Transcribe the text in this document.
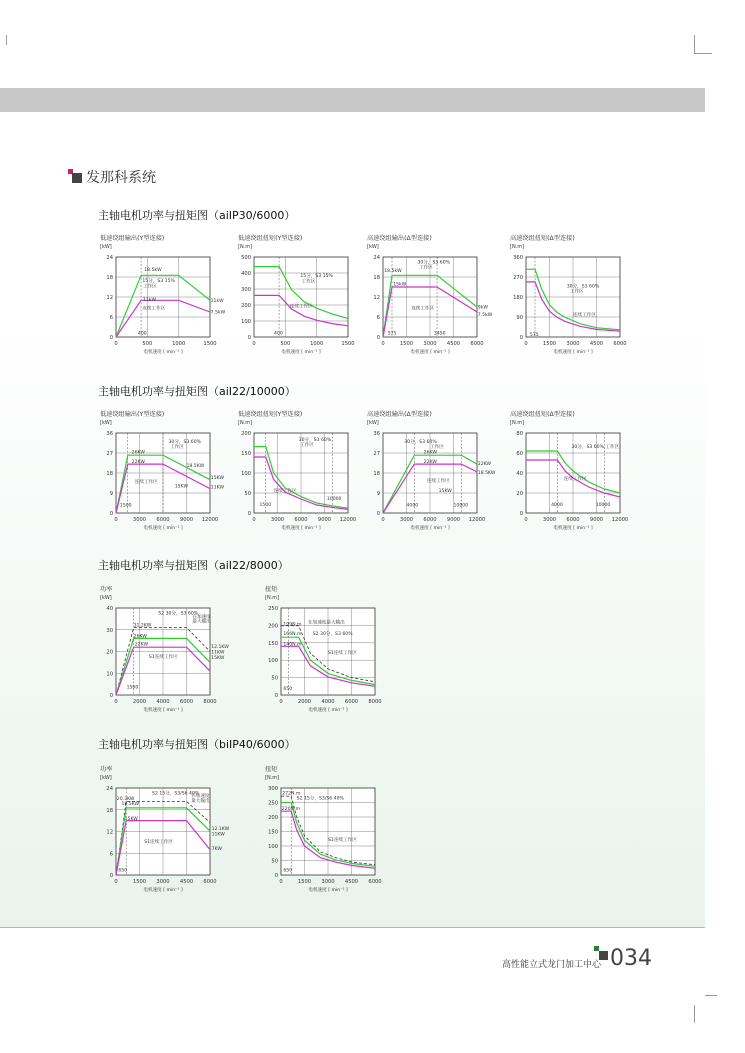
永远与您站在一起！
发那科系统
主轴电机功率与扭矩图（aiIP30/6000）
主轴电机功率与扭矩图（aiI22/10000）
主轴电机功率与扭矩图（aiI22/8000）
主轴电机功率与扭矩图（biIP40/6000）
低速绕组输出(Y型连接)
[kW]
0
6
12
18
24
0	500	1000	1500
电机速度 [ min⁻¹ ]
18.5kW
15分，S3 15%
工作区
11kW
连续工作区
11kW
7.5kW
400
低速绕组扭矩(Y型连接)
[N.m]
0
100
200
300
400
500
0	500	1000	1500
电机速度 [ min⁻¹ ]
15分，S3 15%
工作区
连续工作区
400
高速绕组输出(Δ型连接)
[kW]
0
6
12
18
24
0	1500 3000 4500 6000
电机速度 [ min⁻¹ ]
30分，S3 60%
工作区
18.5kW
15kW
连续工作区	9kW
7.5kW
575	3450
高速绕组扭矩(Δ型连接)
[N.m]
0
90
180
270
360
0	1500 3000 4500 6000
电机速度 [ min⁻¹ ]
30分，S3 60%
工作区
连续工作区
575
低速绕组输出(Y型连接)
[kW]
0
9
18
27
36
0	3000 6000 9000 12000
电机速度 [ min⁻¹ ]
30分，S3 60%
工作区
26KW
22KW
18.5KW
连续工作区
15KW
15KW	11KW
1500
低速绕组扭矩(Y型连接)
[N.m]
0
50
100
150
200
0	3000 6000 9000 12000
电机速度 [ min⁻¹ ]
30分，S3 60%
工作区
连续工作区
1500
10000
高速绕组输出(Δ型连接)
[kW]
0
9
18
27
36
0	3000 6000 9000 12000
电机速度 [ min⁻¹ ]
30分，S3 60%
工作区
26KW
22KW	22KW
18.5KW
连续工作区
15KW
4000	10000
高速绕组扭矩(Δ型连接)
[N.m]
0
20
40
60
80
0	3000 6000 9000 12000
电机速度 [ min⁻¹ ]
30分，S3 60% 工作区
连续工作区
4000	10000
功率
[kW]
0
10
20
30
40
0	2000 4000 6000 8000
电机速度 [ min⁻¹ ]
S2 30分，S3 60%
在加速度
最大输出
31.2KW
26KW
22KW
S1连续工作区
12.1KW
11KW
15KW
1500
扭矩
[N.m]
0
50
100
150
200
250
0	2000 4000 6000 8000
电机速度 [ min⁻¹ ]
在加速度最大输出
199N.m
S2 30分，S3 60%
166N.m
140N.m
S1连续工作区
650
功率
[kW]
0
6
12
18
24
0	1500 3000 4500 6000
电机速度 [ min⁻¹ ]
S2 15分，S3/S6 40%
在加速度
最大输出
20.3KW
18.5KW
15KW
S1连续工作区
12.1KW
11KW
7KW
650
扭矩
[N.m]
0
50
100
150
200
250
300
0	1500 3000 4500 6000
电机速度 [ min⁻¹ ]
272N.m
S2 15分，S3/S6 40%
220N.m
S1连续工作区
650
高性能立式龙门加工中心 034
